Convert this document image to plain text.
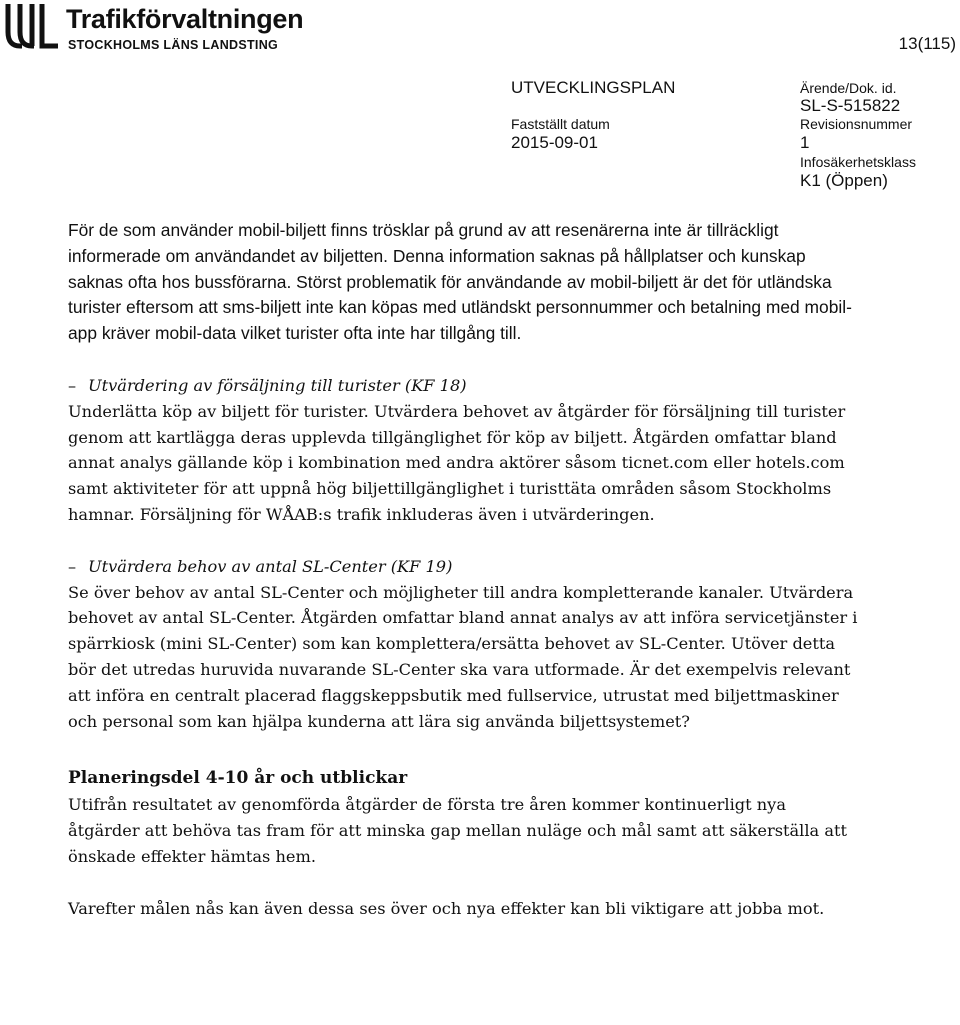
Trafikförvaltningen
STOCKHOLMS LÄNS LANDSTING	13(115)
UTVECKLINGSPLAN
Fastställt datum
2015-09-01
Ärende/Dok. id.
SL-S-515822
Revisionsnummer
1
Infosäkerhetsklass
K1 (Öppen)

För de som använder mobil-biljett finns trösklar på grund av att resenärerna inte är tillräckligt informerade om användandet av biljetten. Denna information saknas på hållplatser och kunskap saknas ofta hos bussförarna. Störst problematik för användande av mobil-biljett är det för utländska turister eftersom att sms-biljett inte kan köpas med utländskt personnummer och betalning med mobil-app kräver mobil-data vilket turister ofta inte har tillgång till.

– Utvärdering av försäljning till turister (KF 18)

Underlätta köp av biljett för turister. Utvärdera behovet av åtgärder för försäljning till turister genom att kartlägga deras upplevda tillgänglighet för köp av biljett. Åtgärden omfattar bland annat analys gällande köp i kombination med andra aktörer såsom ticnet.com eller hotels.com samt aktiviteter för att uppnå hög biljettillgänglighet i turisttäta områden såsom Stockholms hamnar. Försäljning för WÅAB:s trafik inkluderas även i utvärderingen.

– Utvärdera behov av antal SL-Center (KF 19)

Se över behov av antal SL-Center och möjligheter till andra kompletterande kanaler. Utvärdera behovet av antal SL-Center. Åtgärden omfattar bland annat analys av att införa servicetjänster i spärrkiosk (mini SL-Center) som kan komplettera/ersätta behovet av SL-Center. Utöver detta bör det utredas huruvida nuvarande SL-Center ska vara utformade. Är det exempelvis relevant att införa en centralt placerad flaggskeppsbutik med fullservice, utrustat med biljettmaskiner och personal som kan hjälpa kunderna att lära sig använda biljettsystemet?

Planeringsdel 4-10 år och utblickar

Utifrån resultatet av genomförda åtgärder de första tre åren kommer kontinuerligt nya åtgärder att behöva tas fram för att minska gap mellan nuläge och mål samt att säkerställa att önskade effekter hämtas hem.

Varefter målen nås kan även dessa ses över och nya effekter kan bli viktigare att jobba mot.
